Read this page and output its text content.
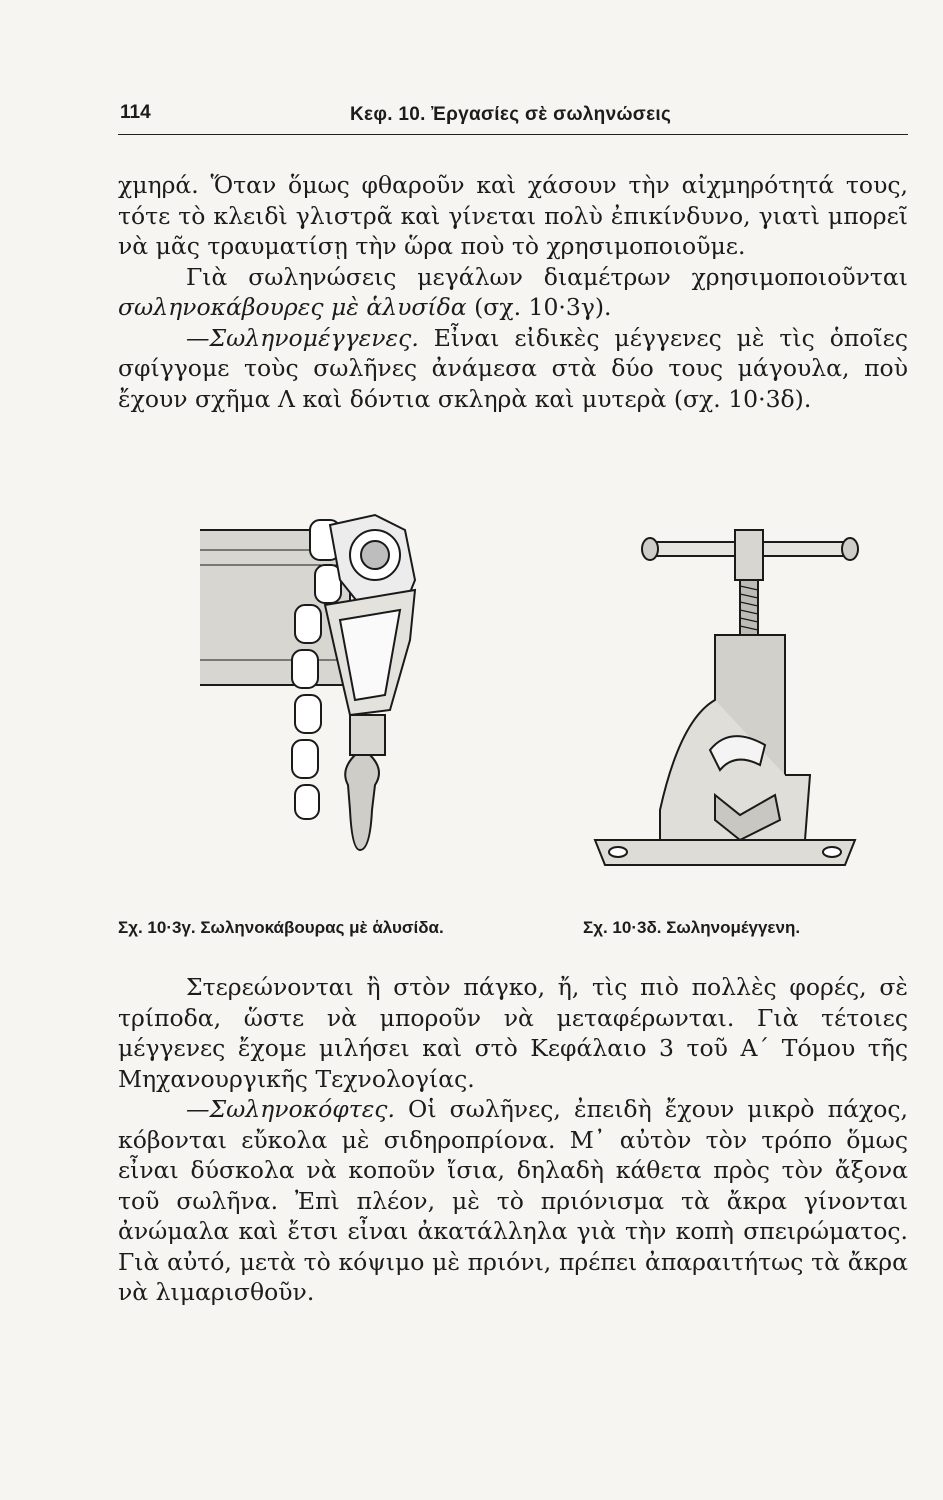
114	Κεφ. 10. Ἐργασίες σὲ σωληνώσεις

χμηρά. Ὅταν ὅμως φθαροῦν καὶ χάσουν τὴν αἰχμηρότητά τους, τότε τὸ κλειδὶ γλιστρᾶ καὶ γίνεται πολὺ ἐπικίνδυνο, γιατὶ μπορεῖ νὰ μᾶς τραυματίσῃ τὴν ὥρα ποὺ τὸ χρησιμοποιοῦμε.

Γιὰ σωληνώσεις μεγάλων διαμέτρων χρησιμοποιοῦνται σωληνοκάβουρες μὲ ἁλυσίδα (σχ. 10·3γ).

—Σωληνομέγγενες. Εἶναι εἰδικὲς μέγγενες μὲ τὶς ὁποῖες σφίγγομε τοὺς σωλῆνες ἀνάμεσα στὰ δύο τους μάγουλα, ποὺ ἔχουν σχῆμα Λ καὶ δόντια σκληρὰ καὶ μυτερὰ (σχ. 10·3δ).

Σχ. 10·3γ. Σωληνοκάβουρας μὲ ἁλυσίδα.	Σχ. 10·3δ. Σωληνομέγγενη.

Στερεώνονται ἢ στὸν πάγκο, ἤ, τὶς πιὸ πολλὲς φορές, σὲ τρίποδα, ὥστε νὰ μποροῦν νὰ μεταφέρωνται. Γιὰ τέτοιες μέγγενες ἔχομε μιλήσει καὶ στὸ Κεφάλαιο 3 τοῦ Α΄ Τόμου τῆς Μηχανουργικῆς Τεχνολογίας.

—Σωληνοκόφτες. Οἱ σωλῆνες, ἐπειδὴ ἔχουν μικρὸ πάχος, κόβονται εὔκολα μὲ σιδηροπρίονα. Μ᾽ αὐτὸν τὸν τρόπο ὅμως εἶναι δύσκολα νὰ κοποῦν ἴσια, δηλαδὴ κάθετα πρὸς τὸν ἄξονα τοῦ σωλῆνα. Ἐπὶ πλέον, μὲ τὸ πριόνισμα τὰ ἄκρα γίνονται ἀνώμαλα καὶ ἔτσι εἶναι ἀκατάλληλα γιὰ τὴν κοπὴ σπειρώματος. Γιὰ αὐτό, μετὰ τὸ κόψιμο μὲ πριόνι, πρέπει ἀπαραιτήτως τὰ ἄκρα νὰ λιμαρισθοῦν.
